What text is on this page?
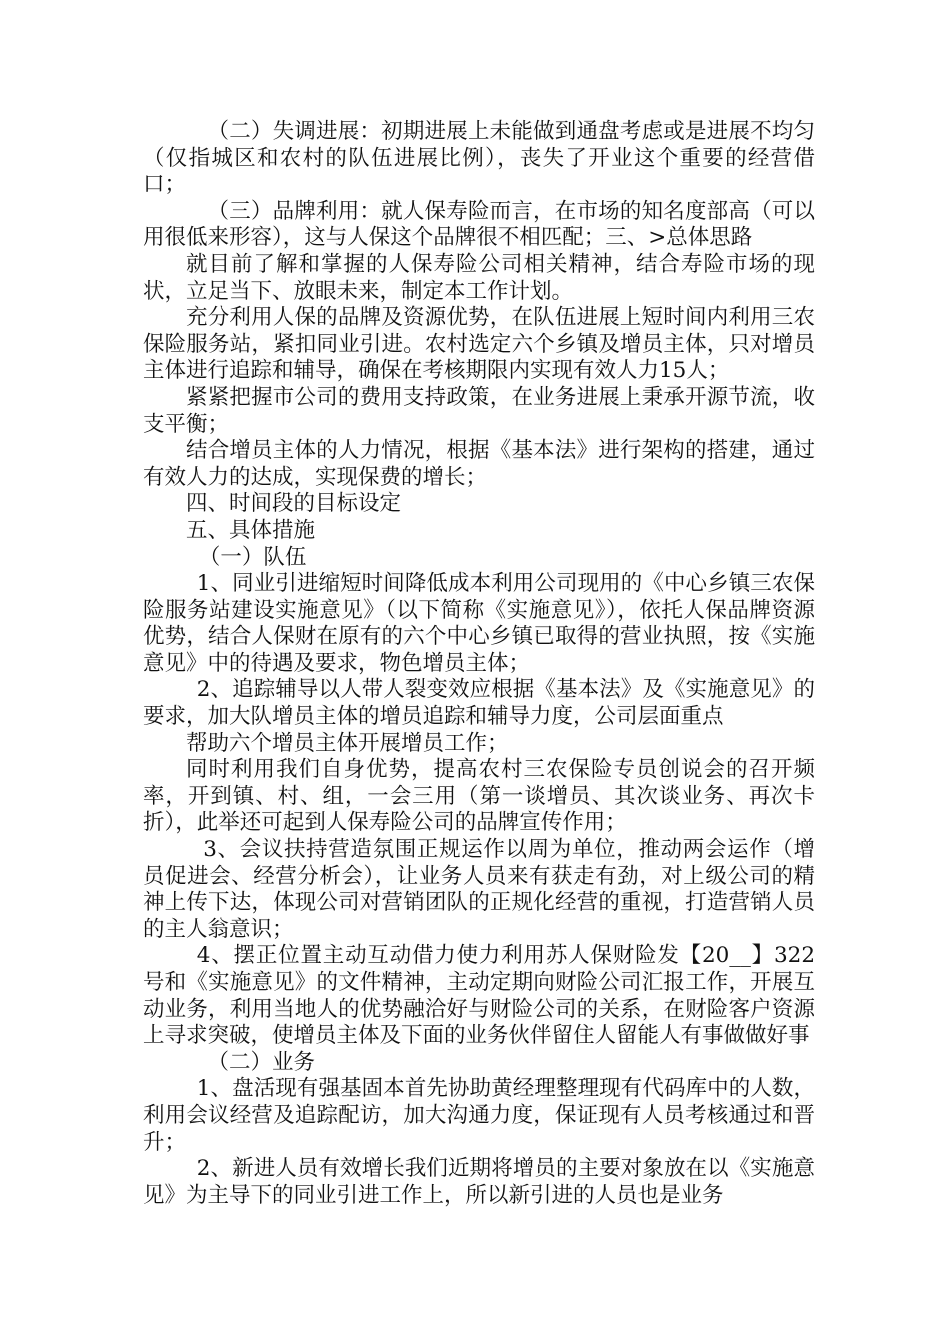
（二）失调进展：初期进展上未能做到通盘考虑或是进展不均匀（仅指城区和农村的队伍进展比例），丧失了开业这个重要的经营借口；

（三）品牌利用：就人保寿险而言，在市场的知名度部高（可以用很低来形容），这与人保这个品牌很不相匹配；三、>总体思路

就目前了解和掌握的人保寿险公司相关精神，结合寿险市场的现状，立足当下、放眼未来，制定本工作计划。

充分利用人保的品牌及资源优势，在队伍进展上短时间内利用三农保险服务站，紧扣同业引进。农村选定六个乡镇及增员主体，只对增员主体进行追踪和辅导，确保在考核期限内实现有效人力15人；

紧紧把握市公司的费用支持政策，在业务进展上秉承开源节流，收支平衡；

结合增员主体的人力情况，根据《基本法》进行架构的搭建，通过有效人力的达成，实现保费的增长；

四、时间段的目标设定

五、具体措施

（一）队伍

1、同业引进缩短时间降低成本利用公司现用的《中心乡镇三农保险服务站建设实施意见》（以下简称《实施意见》），依托人保品牌资源优势，结合人保财在原有的六个中心乡镇已取得的营业执照，按《实施意见》中的待遇及要求，物色增员主体；

2、追踪辅导以人带人裂变效应根据《基本法》及《实施意见》的要求，加大队增员主体的增员追踪和辅导力度，公司层面重点

帮助六个增员主体开展增员工作；

同时利用我们自身优势，提高农村三农保险专员创说会的召开频率，开到镇、村、组，一会三用（第一谈增员、其次谈业务、再次卡折），此举还可起到人保寿险公司的品牌宣传作用；

3、会议扶持营造氛围正规运作以周为单位，推动两会运作（增员促进会、经营分析会），让业务人员来有获走有劲，对上级公司的精神上传下达，体现公司对营销团队的正规化经营的重视，打造营销人员的主人翁意识；

4、摆正位置主动互动借力使力利用苏人保财险发【20__】322号和《实施意见》的文件精神，主动定期向财险公司汇报工作，开展互动业务，利用当地人的优势融洽好与财险公司的关系，在财险客户资源上寻求突破，使增员主体及下面的业务伙伴留住人留能人有事做做好事

（二）业务

1、盘活现有强基固本首先协助黄经理整理现有代码库中的人数，利用会议经营及追踪配访，加大沟通力度，保证现有人员考核通过和晋升；

2、新进人员有效增长我们近期将增员的主要对象放在以《实施意见》为主导下的同业引进工作上，所以新引进的人员也是业务
